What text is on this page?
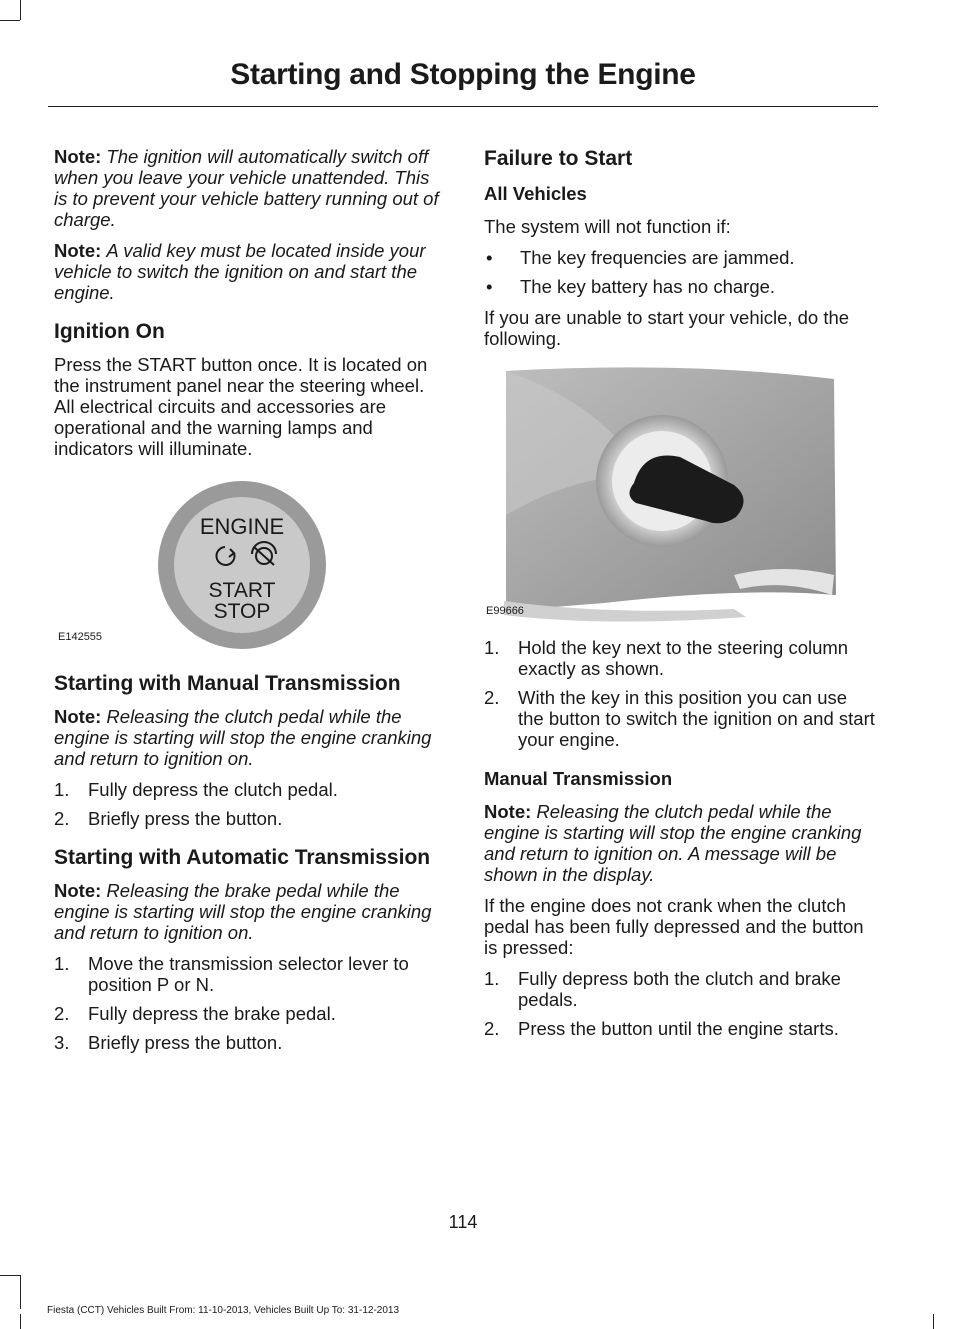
Starting and Stopping the Engine

Note: The ignition will automatically switch off when you leave your vehicle unattended. This is to prevent your vehicle battery running out of charge.

Note: A valid key must be located inside your vehicle to switch the ignition on and start the engine.

Ignition On

Press the START button once. It is located on the instrument panel near the steering wheel. All electrical circuits and accessories are operational and the warning lamps and indicators will illuminate.

ENGINE
START
STOP
E142555
Starting with Manual Transmission

Note: Releasing the clutch pedal while the engine is starting will stop the engine cranking and return to ignition on.

1.	Fully depress the clutch pedal.
2.	Briefly press the button.
Starting with Automatic Transmission

Note: Releasing the brake pedal while the engine is starting will stop the engine cranking and return to ignition on.

1.	Move the transmission selector lever to position P or N.
2.	Fully depress the brake pedal.
3.	Briefly press the button.
Failure to Start
All Vehicles

The system will not function if:

•	The key frequencies are jammed.
•	The key battery has no charge.

If you are unable to start your vehicle, do the following.

E99666
1.	Hold the key next to the steering column exactly as shown.
2.	With the key in this position you can use the button to switch the ignition on and start your engine.
Manual Transmission

Note: Releasing the clutch pedal while the engine is starting will stop the engine cranking and return to ignition on. A message will be shown in the display.

If the engine does not crank when the clutch pedal has been fully depressed and the button is pressed:

1.	Fully depress both the clutch and brake pedals.
2.	Press the button until the engine starts.
114
Fiesta (CCT) Vehicles Built From: 11-10-2013, Vehicles Built Up To: 31-12-2013
